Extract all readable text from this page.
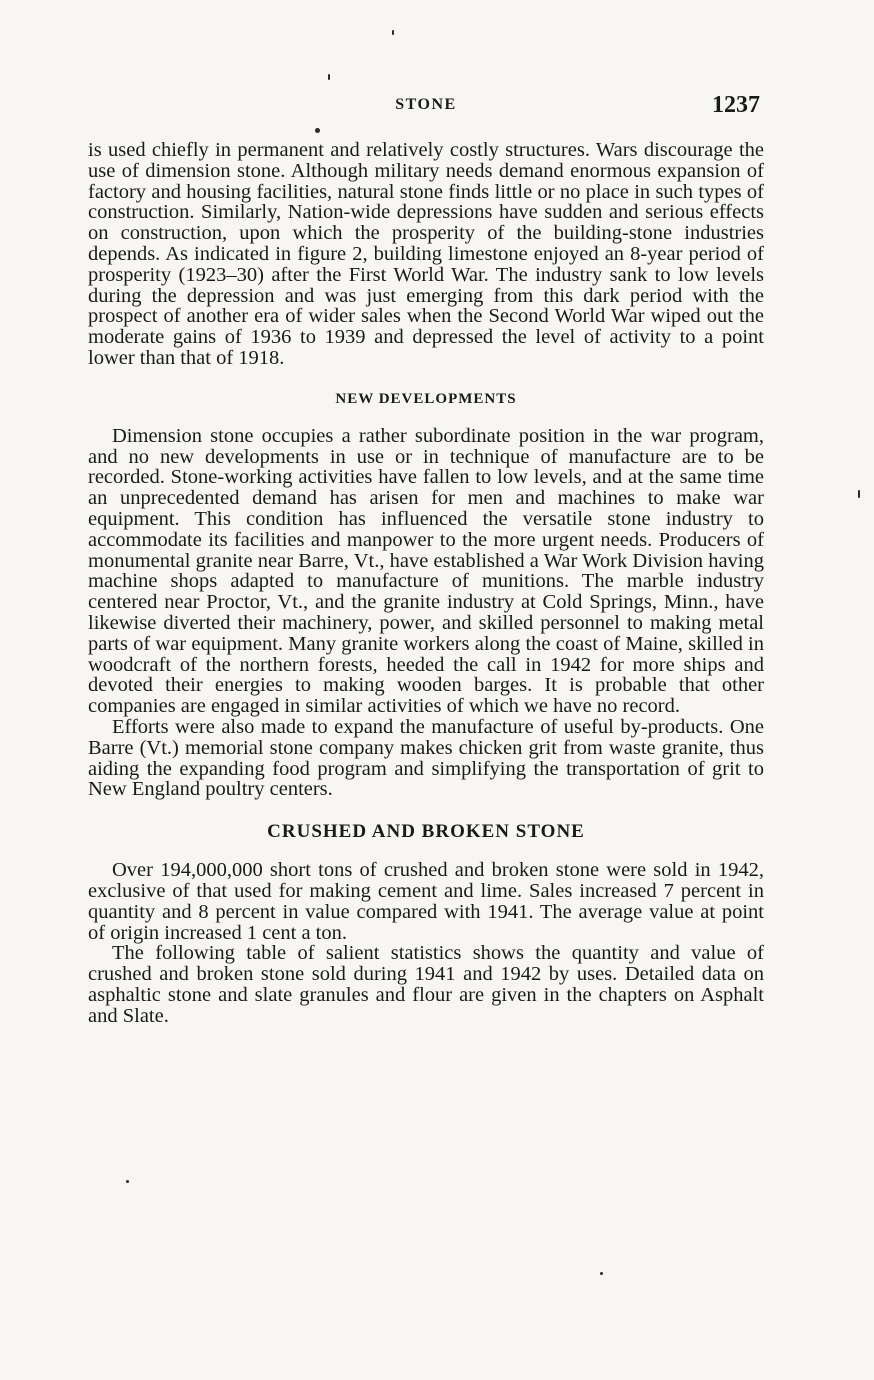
STONE	1237

is used chiefly in permanent and relatively costly structures. Wars discourage the use of dimension stone. Although military needs demand enormous expansion of factory and housing facilities, natural stone finds little or no place in such types of construction. Similarly, Nation-wide depressions have sudden and serious effects on construction, upon which the prosperity of the building-stone industries depends. As indicated in figure 2, building limestone enjoyed an 8-year period of prosperity (1923–30) after the First World War. The industry sank to low levels during the depression and was just emerging from this dark period with the prospect of another era of wider sales when the Second World War wiped out the moderate gains of 1936 to 1939 and depressed the level of activity to a point lower than that of 1918.

NEW DEVELOPMENTS

Dimension stone occupies a rather subordinate position in the war program, and no new developments in use or in technique of manufacture are to be recorded. Stone-working activities have fallen to low levels, and at the same time an unprecedented demand has arisen for men and machines to make war equipment. This condition has influenced the versatile stone industry to accommodate its facilities and manpower to the more urgent needs. Producers of monumental granite near Barre, Vt., have established a War Work Division having machine shops adapted to manufacture of munitions. The marble industry centered near Proctor, Vt., and the granite industry at Cold Springs, Minn., have likewise diverted their machinery, power, and skilled personnel to making metal parts of war equipment. Many granite workers along the coast of Maine, skilled in woodcraft of the northern forests, heeded the call in 1942 for more ships and devoted their energies to making wooden barges. It is probable that other companies are engaged in similar activities of which we have no record.

Efforts were also made to expand the manufacture of useful by-products. One Barre (Vt.) memorial stone company makes chicken grit from waste granite, thus aiding the expanding food program and simplifying the transportation of grit to New England poultry centers.

CRUSHED AND BROKEN STONE

Over 194,000,000 short tons of crushed and broken stone were sold in 1942, exclusive of that used for making cement and lime. Sales increased 7 percent in quantity and 8 percent in value compared with 1941. The average value at point of origin increased 1 cent a ton.

The following table of salient statistics shows the quantity and value of crushed and broken stone sold during 1941 and 1942 by uses. Detailed data on asphaltic stone and slate granules and flour are given in the chapters on Asphalt and Slate.
